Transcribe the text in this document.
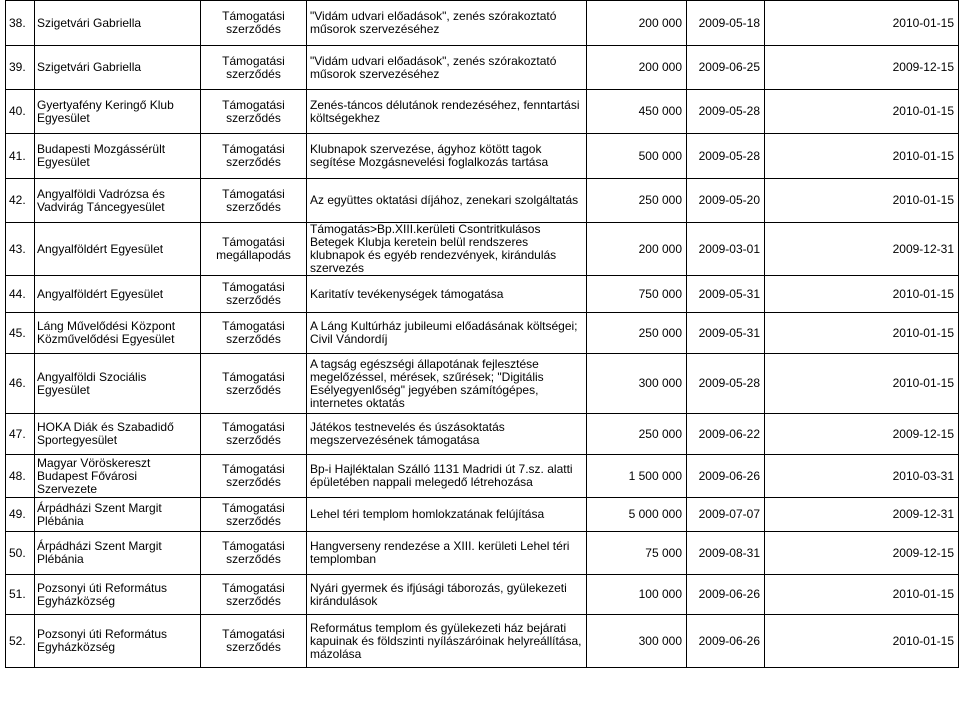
38.	Szigetvári Gabriella	Támogatási szerződés	"Vidám udvari előadások", zenés szórakoztató műsorok szervezéséhez	200 000	2009-05-18	2010-01-15
39.	Szigetvári Gabriella	Támogatási szerződés	"Vidám udvari előadások", zenés szórakoztató műsorok szervezéséhez	200 000	2009-06-25	2009-12-15
40.	Gyertyafény Keringő Klub Egyesület	Támogatási szerződés	Zenés-táncos délutánok rendezéséhez, fenntartási költségekhez	450 000	2009-05-28	2010-01-15
41.	Budapesti Mozgássérült Egyesület	Támogatási szerződés	Klubnapok szervezése, ágyhoz kötött tagok segítése Mozgásnevelési foglalkozás tartása	500 000	2009-05-28	2010-01-15
42.	Angyalföldi Vadrózsa és Vadvirág Táncegyesület	Támogatási szerződés	Az együttes oktatási díjához, zenekari szolgáltatás	250 000	2009-05-20	2010-01-15
43.	Angyalföldért Egyesület	Támogatási megállapodás	Támogatás>Bp.XIII.kerületi Csontritkulásos Betegek Klubja keretein belül rendszeres klubnapok és egyéb rendezvények, kirándulás szervezés	200 000	2009-03-01	2009-12-31
44.	Angyalföldért Egyesület	Támogatási szerződés	Karitatív tevékenységek támogatása	750 000	2009-05-31	2010-01-15
45.	Láng Művelődési Központ Közművelődési Egyesület	Támogatási szerződés	A Láng Kultúrház jubileumi előadásának költségei; Civil Vándordíj	250 000	2009-05-31	2010-01-15
46.	Angyalföldi Szociális Egyesület	Támogatási szerződés	A tagság egészségi állapotának fejlesztése megelőzéssel, mérések, szűrések; "Digitális Esélyegyenlőség" jegyében számítógépes, internetes oktatás	300 000	2009-05-28	2010-01-15
47.	HOKA Diák és Szabadidő Sportegyesület	Támogatási szerződés	Játékos testnevelés és úszásoktatás megszervezésének támogatása	250 000	2009-06-22	2009-12-15
48.	Magyar Vöröskereszt Budapest Fővárosi Szervezete	Támogatási szerződés	Bp-i Hajléktalan Szálló 1131 Madridi út 7.sz. alatti épületében nappali melegedő létrehozása	1 500 000	2009-06-26	2010-03-31
49.	Árpádházi Szent Margit Plébánia	Támogatási szerződés	Lehel téri templom homlokzatának felújítása	5 000 000	2009-07-07	2009-12-31
50.	Árpádházi Szent Margit Plébánia	Támogatási szerződés	Hangverseny rendezése a XIII. kerületi Lehel téri templomban	75 000	2009-08-31	2009-12-15
51.	Pozsonyi úti Református Egyházközség	Támogatási szerződés	Nyári gyermek és ifjúsági táborozás, gyülekezeti kirándulások	100 000	2009-06-26	2010-01-15
52.	Pozsonyi úti Református Egyházközség	Támogatási szerződés	Református templom és gyülekezeti ház bejárati kapuinak és földszinti nyílászáróinak helyreállítása, mázolása	300 000	2009-06-26	2010-01-15
